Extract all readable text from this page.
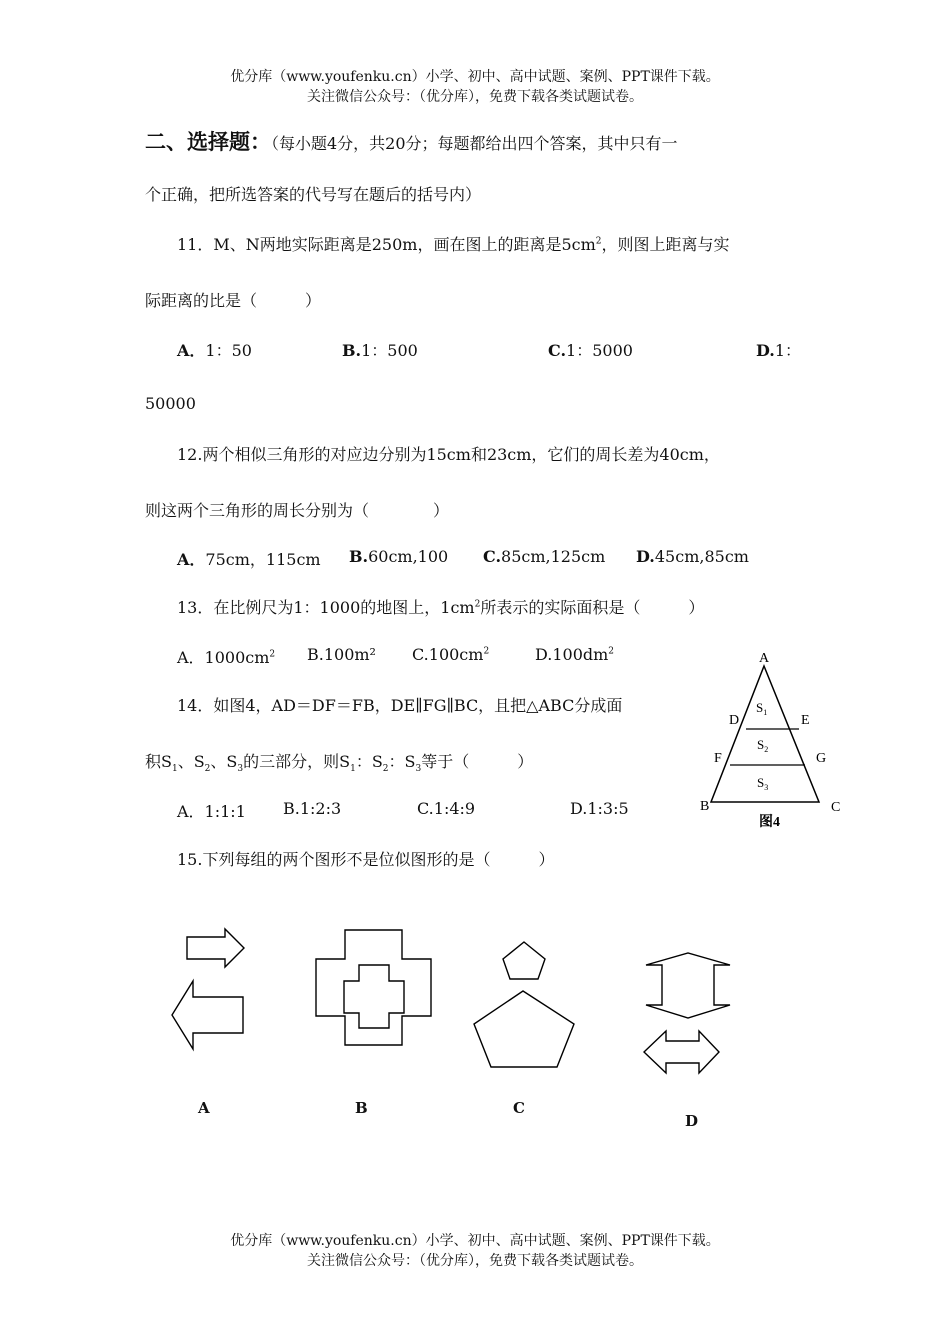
优分库（www.youfenku.cn）小学、初中、高中试题、案例、PPT课件下载。
关注微信公众号：（优分库），免费下载各类试题试卷。
二、选择题：（每小题4分，共20分；每题都给出四个答案，其中只有一
个正确，把所选答案的代号写在题后的括号内）
11．M、N两地实际距离是250m，画在图上的距离是$5cm^2$，则图上距离与实
际距离的比是（　　　）
A．1：50	B.1：500	C.1：5000	D.1：
50000
12.两个相似三角形的对应边分别为15cm和23cm，它们的周长差为40cm，
则这两个三角形的周长分别为（　　　　）
A．75cm，115cm B.60cm,100 C.85cm,125cm D.45cm,85cm
13．在比例尺为1：1000的地图上，$1cm^2$所表示的实际面积是（　　　）
A．$1000cm^2$ B.100m² $C.100cm^2$	$D.100dm^2$
14．如图4，AD＝DF＝FB，DE∥FG∥BC，且把△ABC分成面
积$S_1$、$S_2$、$S_3$的三部分，则$S_1$：$S_2$：$S_3$等于（　　　）
A．1:1:1 B.1:2:3	C.1:4:9	D.1:3:5
A
D	E
F	G
B	C
$S_1$
$S_2$
$S_3$
图4
15.下列每组的两个图形不是位似图形的是（　　　）
A	B	C
D
优分库（www.youfenku.cn）小学、初中、高中试题、案例、PPT课件下载。
关注微信公众号：（优分库），免费下载各类试题试卷。
